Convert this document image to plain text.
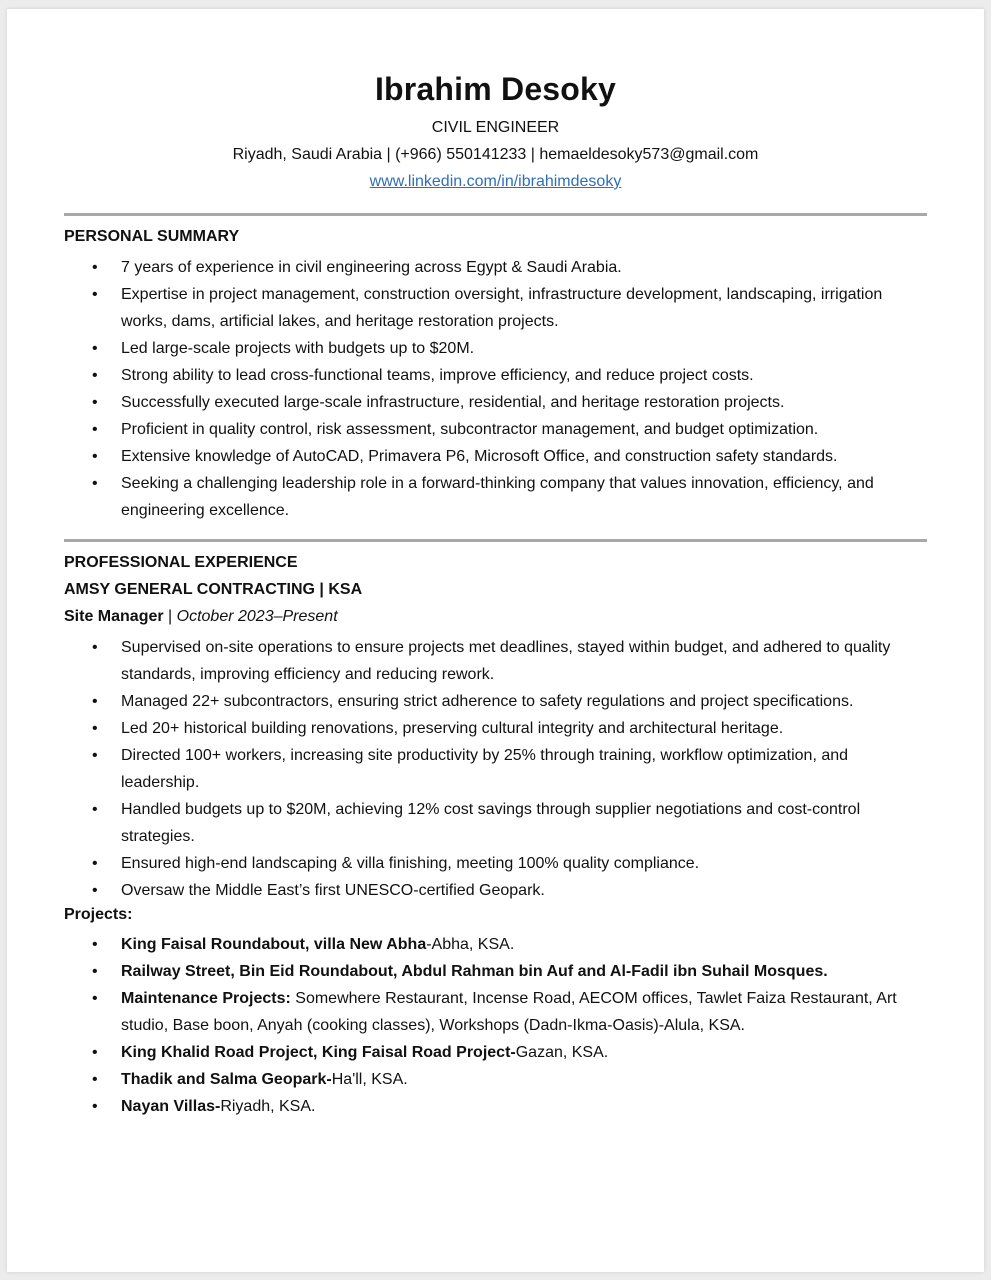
Ibrahim Desoky
CIVIL ENGINEER
Riyadh, Saudi Arabia | (+966) 550141233 | hemaeldesoky573@gmail.com
www.linkedin.com/in/ibrahimdesoky
PERSONAL SUMMARY
• 7 years of experience in civil engineering across Egypt & Saudi Arabia.
• Expertise in project management, construction oversight, infrastructure development, landscaping, irrigation works, dams, artificial lakes, and heritage restoration projects.
• Led large-scale projects with budgets up to $20M.
• Strong ability to lead cross-functional teams, improve efficiency, and reduce project costs.
• Successfully executed large-scale infrastructure, residential, and heritage restoration projects.
• Proficient in quality control, risk assessment, subcontractor management, and budget optimization.
• Extensive knowledge of AutoCAD, Primavera P6, Microsoft Office, and construction safety standards.
• Seeking a challenging leadership role in a forward-thinking company that values innovation, efficiency, and engineering excellence.
PROFESSIONAL EXPERIENCE
AMSY GENERAL CONTRACTING | KSA
Site Manager | October 2023–Present
• Supervised on-site operations to ensure projects met deadlines, stayed within budget, and adhered to quality standards, improving efficiency and reducing rework.
• Managed 22+ subcontractors, ensuring strict adherence to safety regulations and project specifications.
• Led 20+ historical building renovations, preserving cultural integrity and architectural heritage.
• Directed 100+ workers, increasing site productivity by 25% through training, workflow optimization, and leadership.
• Handled budgets up to $20M, achieving 12% cost savings through supplier negotiations and cost-control strategies.
• Ensured high-end landscaping & villa finishing, meeting 100% quality compliance.
• Oversaw the Middle East’s first UNESCO-certified Geopark.
Projects:
• King Faisal Roundabout, villa New Abha-Abha, KSA.
• Railway Street, Bin Eid Roundabout, Abdul Rahman bin Auf and Al-Fadil ibn Suhail Mosques.
• Maintenance Projects: Somewhere Restaurant, Incense Road, AECOM offices, Tawlet Faiza Restaurant, Art studio, Base boon, Anyah (cooking classes), Workshops (Dadn-Ikma-Oasis)-Alula, KSA.
• King Khalid Road Project, King Faisal Road Project-Gazan, KSA.
• Thadik and Salma Geopark-Ha'll, KSA.
• Nayan Villas-Riyadh, KSA.
